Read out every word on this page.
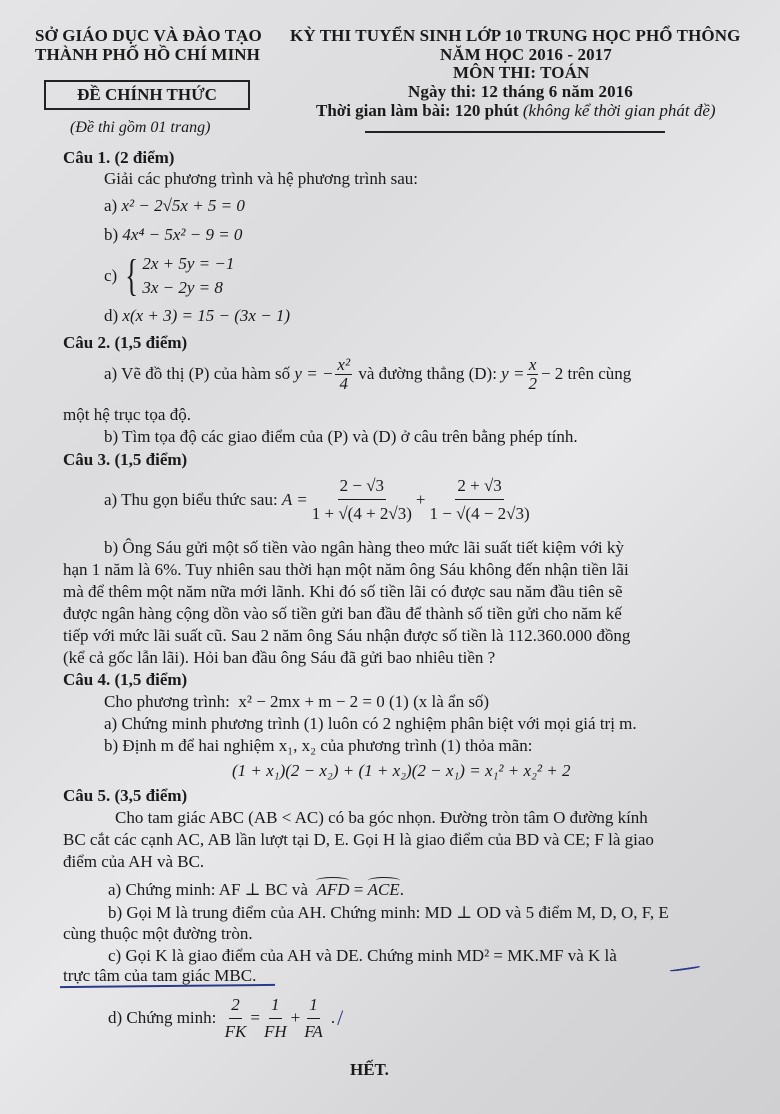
SỞ GIÁO DỤC VÀ ĐÀO TẠO
THÀNH PHỐ HỒ CHÍ MINH
ĐỀ CHÍNH THỨC
(Đề thi gồm 01 trang)
KỲ THI TUYỂN SINH LỚP 10 TRUNG HỌC PHỔ THÔNG
NĂM HỌC 2016 - 2017
MÔN THI: TOÁN
Ngày thi: 12 tháng 6 năm 2016
Thời gian làm bài: 120 phút (không kể thời gian phát đề)
Câu 1. (2 điểm)
Giải các phương trình và hệ phương trình sau:
a) x² − 2√5x + 5 = 0
b) 4x⁴ − 5x² − 9 = 0
c) { 2x + 5y = −1
3x − 2y = 8
d) x(x + 3) = 15 − (3x − 1)
Câu 2. (1,5 điểm)
a) Vẽ đồ thị (P) của hàm số
y = − $\frac{\text{x²}}{4}$
và đường thẳng (D):
$y = \frac{x}{2} - 2$ trên cùng
một hệ trục tọa độ.
b) Tìm tọa độ các giao điểm của (P) và (D) ở câu trên bằng phép tính.
Câu 3. (1,5 điểm)
a) Thu gọn biểu thức sau:
$A = \frac{2 - √3}{1 + √(4 + 2√3)} + \frac{2 + √3}{1 - √(4 - 2√3)}$
b) Ông Sáu gửi một số tiền vào ngân hàng theo mức lãi suất tiết kiệm với kỳ
hạn 1 năm là 6%. Tuy nhiên sau thời hạn một năm ông Sáu không đến nhận tiền lãi
mà để thêm một năm nữa mới lãnh. Khi đó số tiền lãi có được sau năm đầu tiên sẽ
được ngân hàng cộng dồn vào số tiền gửi ban đầu để thành số tiền gửi cho năm kế
tiếp với mức lãi suất cũ. Sau 2 năm ông Sáu nhận được số tiền là 112.360.000 đồng
(kể cả gốc lẫn lãi). Hỏi ban đầu ông Sáu đã gửi bao nhiêu tiền ?
Câu 4. (1,5 điểm)
Cho phương trình: x² − 2mx + m − 2 = 0 (1) (x là ẩn số)
a) Chứng minh phương trình (1) luôn có 2 nghiệm phân biệt với mọi giá trị m.
b) Định m để hai nghiệm x₁, x₂ của phương trình (1) thỏa mãn:
(1 + x₁)(2 − x₂) + (1 + x₂)(2 − x₁) = x₁² + x₂² + 2
Câu 5. (3,5 điểm)
Cho tam giác ABC (AB < AC) có ba góc nhọn. Đường tròn tâm O đường kính
BC cắt các cạnh AC, AB lần lượt tại D, E. Gọi H là giao điểm của BD và CE; F là giao
điểm của AH và BC.
a) Chứng minh: AF ⊥ BC và AFD = ACE.
b) Gọi M là trung điểm của AH. Chứng minh: MD ⊥ OD và 5 điểm M, D, O, F, E
cùng thuộc một đường tròn.
c) Gọi K là giao điểm của AH và DE. Chứng minh MD² = MK.MF và K là
trực tâm của tam giác MBC.
d) Chứng minh:
$\frac{2}{FK} = \frac{1}{FH} + \frac{1}{FA}$ . /
HẾT.
